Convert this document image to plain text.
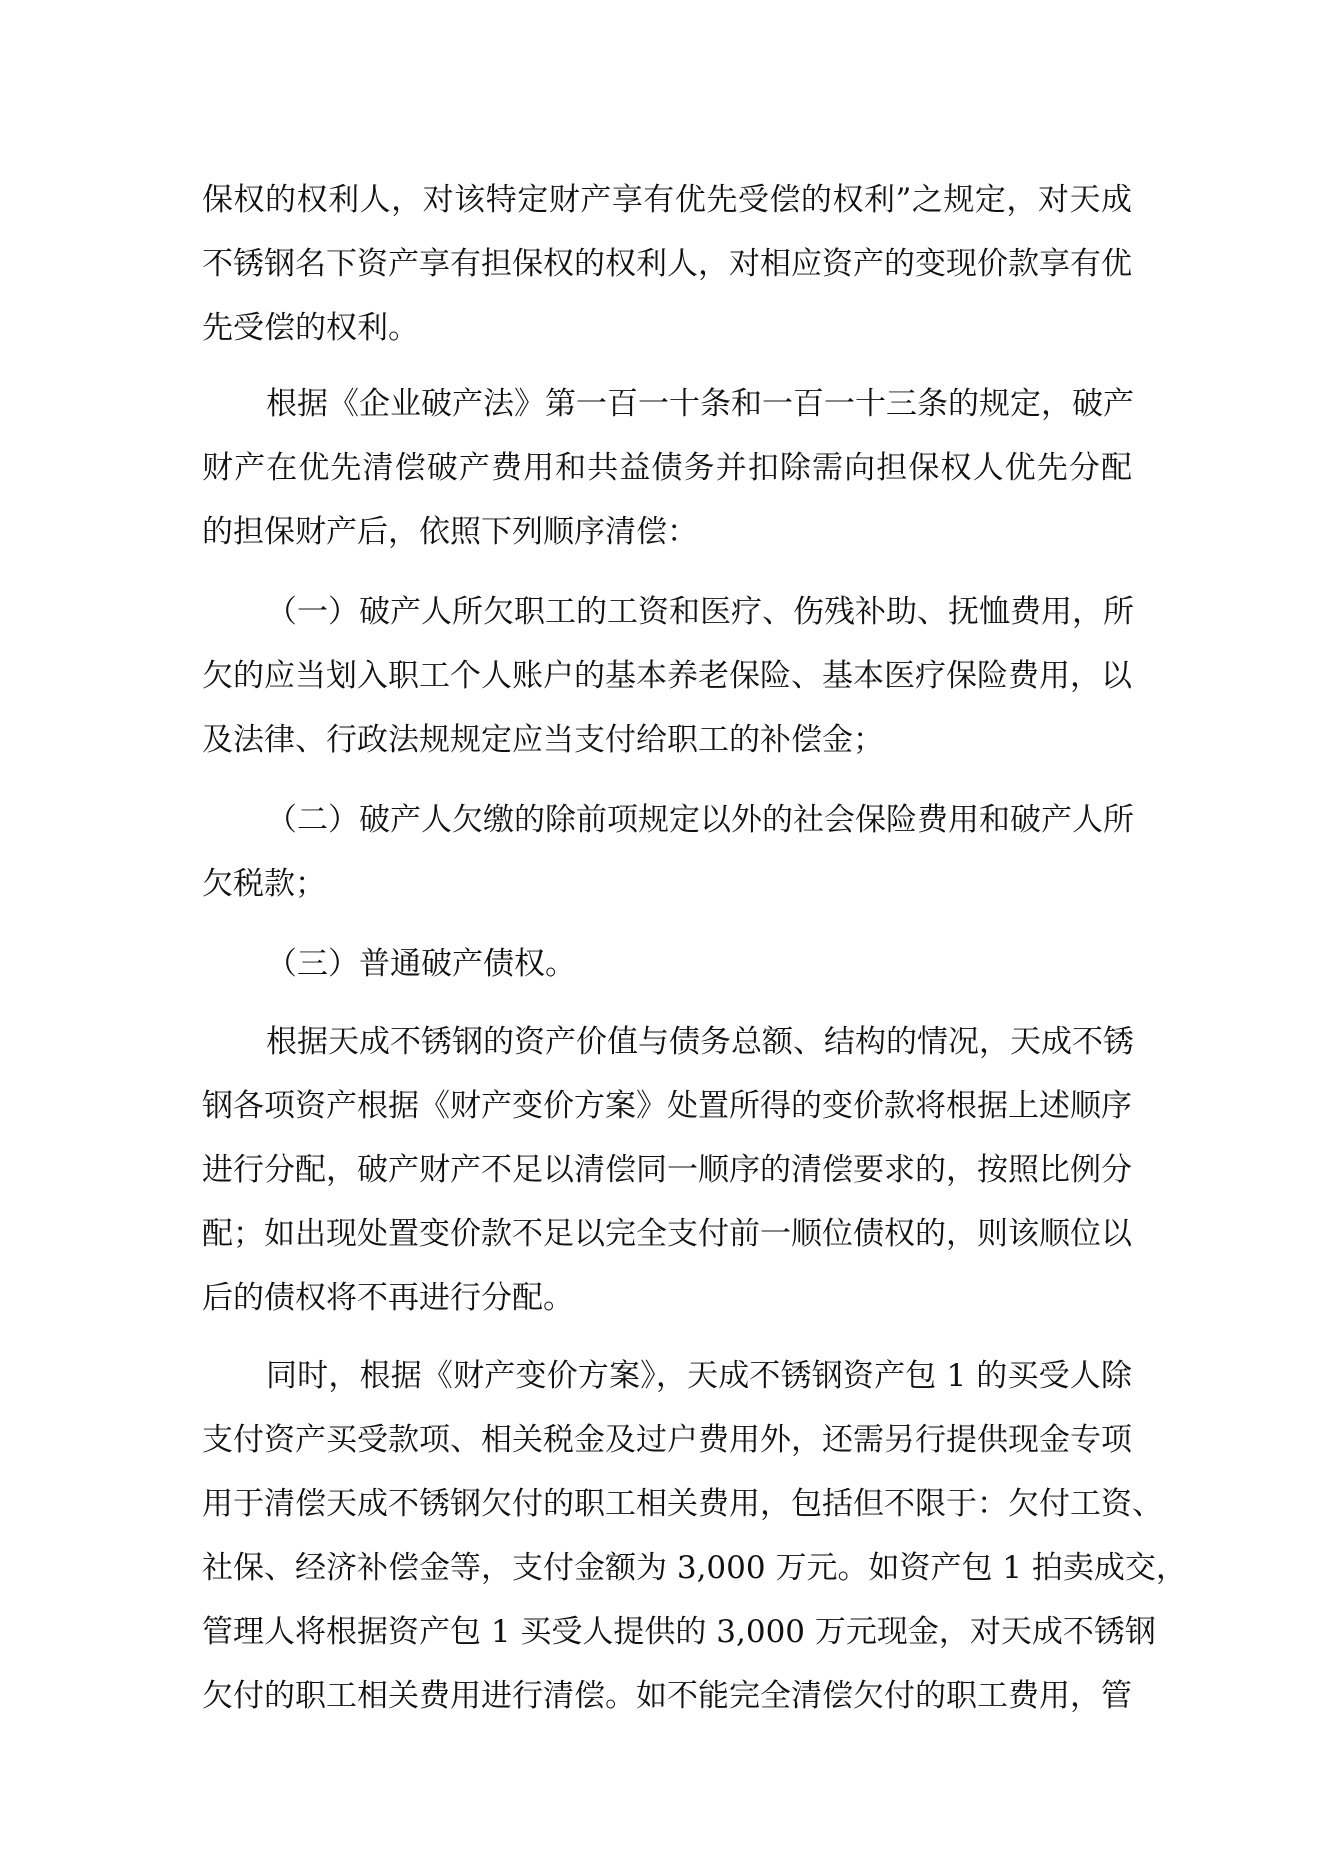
保权的权利人，对该特定财产享有优先受偿的权利”之规定，对天成
不锈钢名下资产享有担保权的权利人，对相应资产的变现价款享有优
先受偿的权利。
根据《企业破产法》第一百一十条和一百一十三条的规定，破产
财产在优先清偿破产费用和共益债务并扣除需向担保权人优先分配
的担保财产后，依照下列顺序清偿：
（一）破产人所欠职工的工资和医疗、伤残补助、抚恤费用，所
欠的应当划入职工个人账户的基本养老保险、基本医疗保险费用，以
及法律、行政法规规定应当支付给职工的补偿金；
（二）破产人欠缴的除前项规定以外的社会保险费用和破产人所
欠税款；
（三）普通破产债权。
根据天成不锈钢的资产价值与债务总额、结构的情况，天成不锈
钢各项资产根据《财产变价方案》处置所得的变价款将根据上述顺序
进行分配，破产财产不足以清偿同一顺序的清偿要求的，按照比例分
配；如出现处置变价款不足以完全支付前一顺位债权的，则该顺位以
后的债权将不再进行分配。
同时，根据《财产变价方案》，天成不锈钢资产包 1 的买受人除
支付资产买受款项、相关税金及过户费用外，还需另行提供现金专项
用于清偿天成不锈钢欠付的职工相关费用，包括但不限于：欠付工资、
社保、经济补偿金等，支付金额为 3,000 万元。如资产包 1 拍卖成交，
管理人将根据资产包 1 买受人提供的 3,000 万元现金，对天成不锈钢
欠付的职工相关费用进行清偿。如不能完全清偿欠付的职工费用，管
